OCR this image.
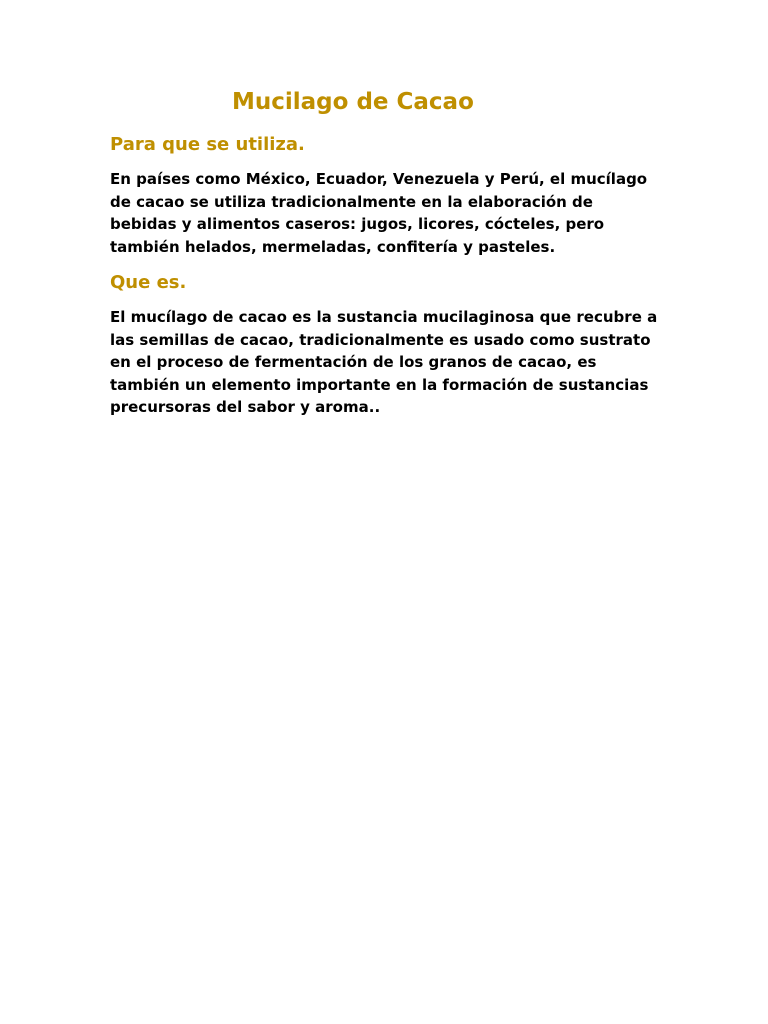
Mucilago de Cacao
Para que se utiliza.

En países como México, Ecuador, Venezuela y Perú, el mucílago de cacao se utiliza tradicionalmente en la elaboración de bebidas y alimentos caseros: jugos, licores, cócteles, pero también helados, mermeladas, confitería y pasteles.

Que es.

El mucílago de cacao es la sustancia mucilaginosa que recubre a las semillas de cacao, tradicionalmente es usado como sustrato en el proceso de fermentación de los granos de cacao, es también un elemento importante en la formación de sustancias precursoras del sabor y aroma..
